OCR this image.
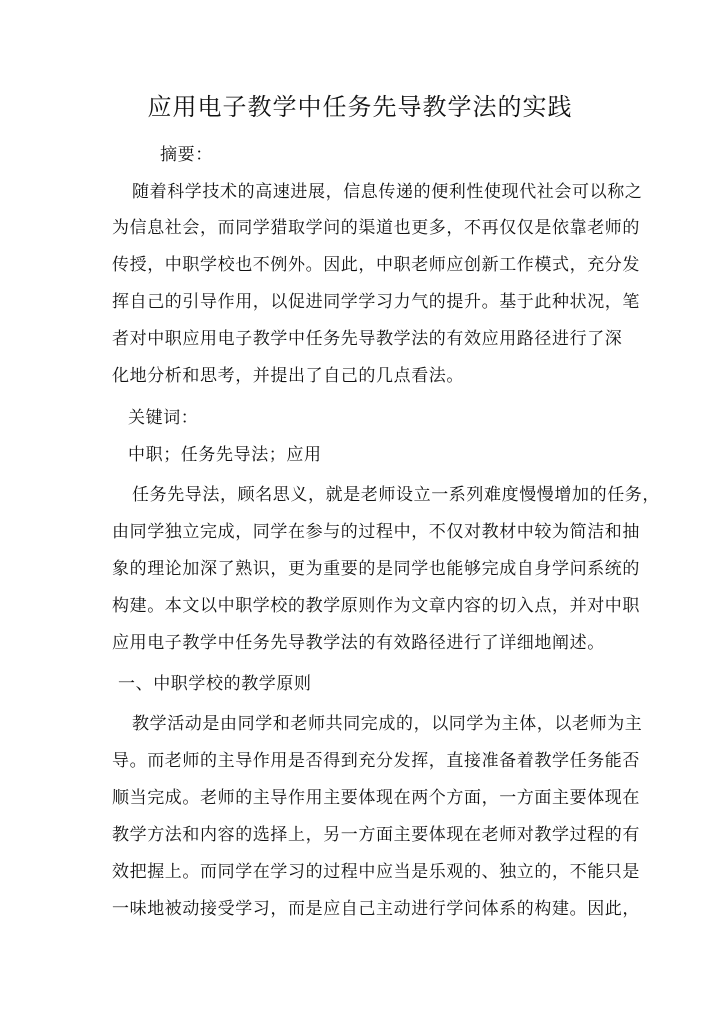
应用电子教学中任务先导教学法的实践

摘要：

随着科学技术的高速进展，信息传递的便利性使现代社会可以称之

为信息社会，而同学猎取学问的渠道也更多，不再仅仅是依靠老师的

传授，中职学校也不例外。因此，中职老师应创新工作模式，充分发

挥自己的引导作用，以促进同学学习力气的提升。基于此种状况，笔

者对中职应用电子教学中任务先导教学法的有效应用路径进行了深

化地分析和思考，并提出了自己的几点看法。

关键词：

中职；任务先导法；应用

任务先导法，顾名思义，就是老师设立一系列难度慢慢增加的任务，

由同学独立完成，同学在参与的过程中，不仅对教材中较为简洁和抽

象的理论加深了熟识，更为重要的是同学也能够完成自身学问系统的

构建。本文以中职学校的教学原则作为文章内容的切入点，并对中职

应用电子教学中任务先导教学法的有效路径进行了详细地阐述。

一、中职学校的教学原则

教学活动是由同学和老师共同完成的，以同学为主体，以老师为主

导。而老师的主导作用是否得到充分发挥，直接准备着教学任务能否

顺当完成。老师的主导作用主要体现在两个方面，一方面主要体现在

教学方法和内容的选择上，另一方面主要体现在老师对教学过程的有

效把握上。而同学在学习的过程中应当是乐观的、独立的，不能只是

一味地被动接受学习，而是应自己主动进行学问体系的构建。因此，
